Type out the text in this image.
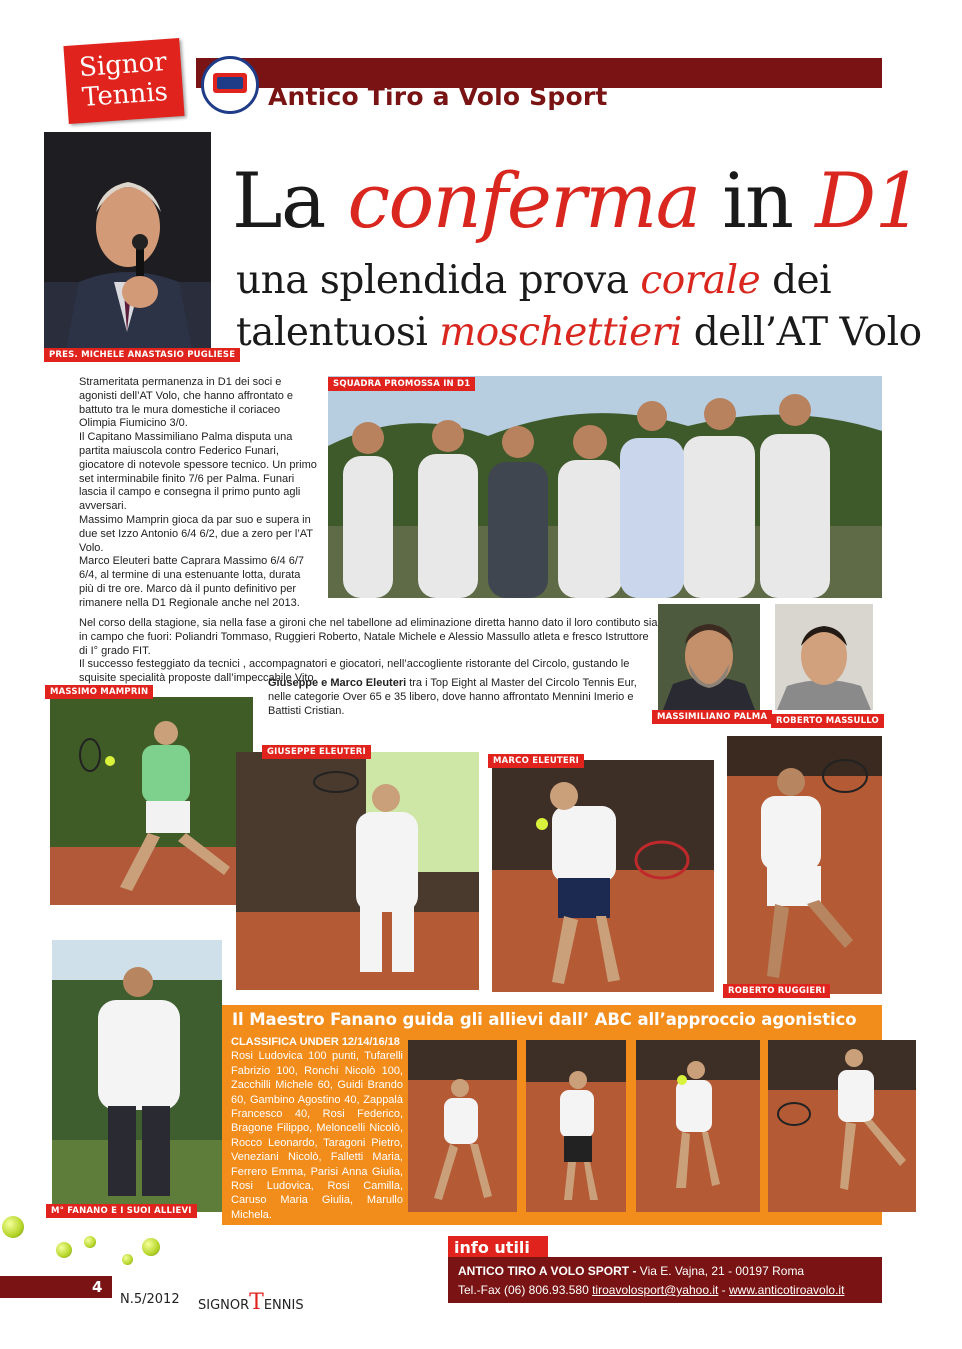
Antico Tiro a Volo Sport
Signor
Tennis
PRES. MICHELE ANASTASIO PUGLIESE
La conferma in D1
una splendida prova corale dei
talentuosi moschettieri dell’AT Volo

Strameritata permanenza in D1 dei soci e agonisti dell’AT Volo, che hanno affrontato e battuto tra le mura domestiche il coriaceo Olimpia Fiumicino 3/0.

Il Capitano Massimiliano Palma disputa una partita maiuscola contro Federico Funari, giocatore di notevole spessore tecnico. Un primo set interminabile finito 7/6 per Palma. Funari lascia il campo e consegna il primo punto agli avversari.

Massimo Mamprin gioca da par suo e supera in due set Izzo Antonio 6/4 6/2, due a zero per l’AT Volo.

Marco Eleuteri batte Caprara Massimo 6/4 6/7 6/4, al termine di una estenuante lotta, durata più di tre ore. Marco dà il punto definitivo per rimanere nella D1 Regionale anche nel 2013.

Nel corso della stagione, sia nella fase a gironi che nel tabellone ad eliminazione diretta hanno dato il loro contibuto sia in campo che fuori: Poliandri Tommaso, Ruggieri Roberto, Natale Michele e Alessio Massullo atleta e fresco Istruttore di I° grado FIT.

Il successo festeggiato da tecnici , accompagnatori e giocatori, nell’accogliente ristorante del Circolo, gustando le squisite specialità proposte dall’impeccabile Vito.

Giuseppe e Marco Eleuteri tra i Top Eight al Master del Circolo Tennis Eur, nelle categorie Over 65 e 35 libero, dove hanno affrontato Mennini Imerio e Battisti Cristian.
SQUADRA PROMOSSA IN D1
MASSIMILIANO PALMA	ROBERTO MASSULLO
MASSIMO MAMPRIN
GIUSEPPE ELEUTERI
MARCO ELEUTERI
ROBERTO RUGGIERI
M° FANANO E I SUOI ALLIEVI
Il Maestro Fanano guida gli allievi dall’ ABC all’approccio agonistico
CLASSIFICA UNDER 12/14/16/18
Rosi Ludovica 100 punti, Tufarelli Fabrizio 100, Ronchi Nicolò 100, Zacchilli Michele 60, Guidi Brando 60, Gambino Agostino 40, Zappalà Francesco 40, Rosi Federico, Bragone Filippo, Meloncelli Nicolò, Rocco Leonardo, Taragoni Pietro, Veneziani Nicolò, Falletti Maria, Ferrero Emma, Parisi Anna Giulia, Rosi Ludovica, Rosi Camilla, Caruso Maria Giulia, Marullo Michela.
info utili
ANTICO TIRO A VOLO SPORT - Via E. Vajna, 21 - 00197 Roma
Tel.-Fax (06) 806.93.580 tiroavolosport@yahoo.it - www.anticotiroavolo.it
4
N.5/2012 SIGNORTENNIS
